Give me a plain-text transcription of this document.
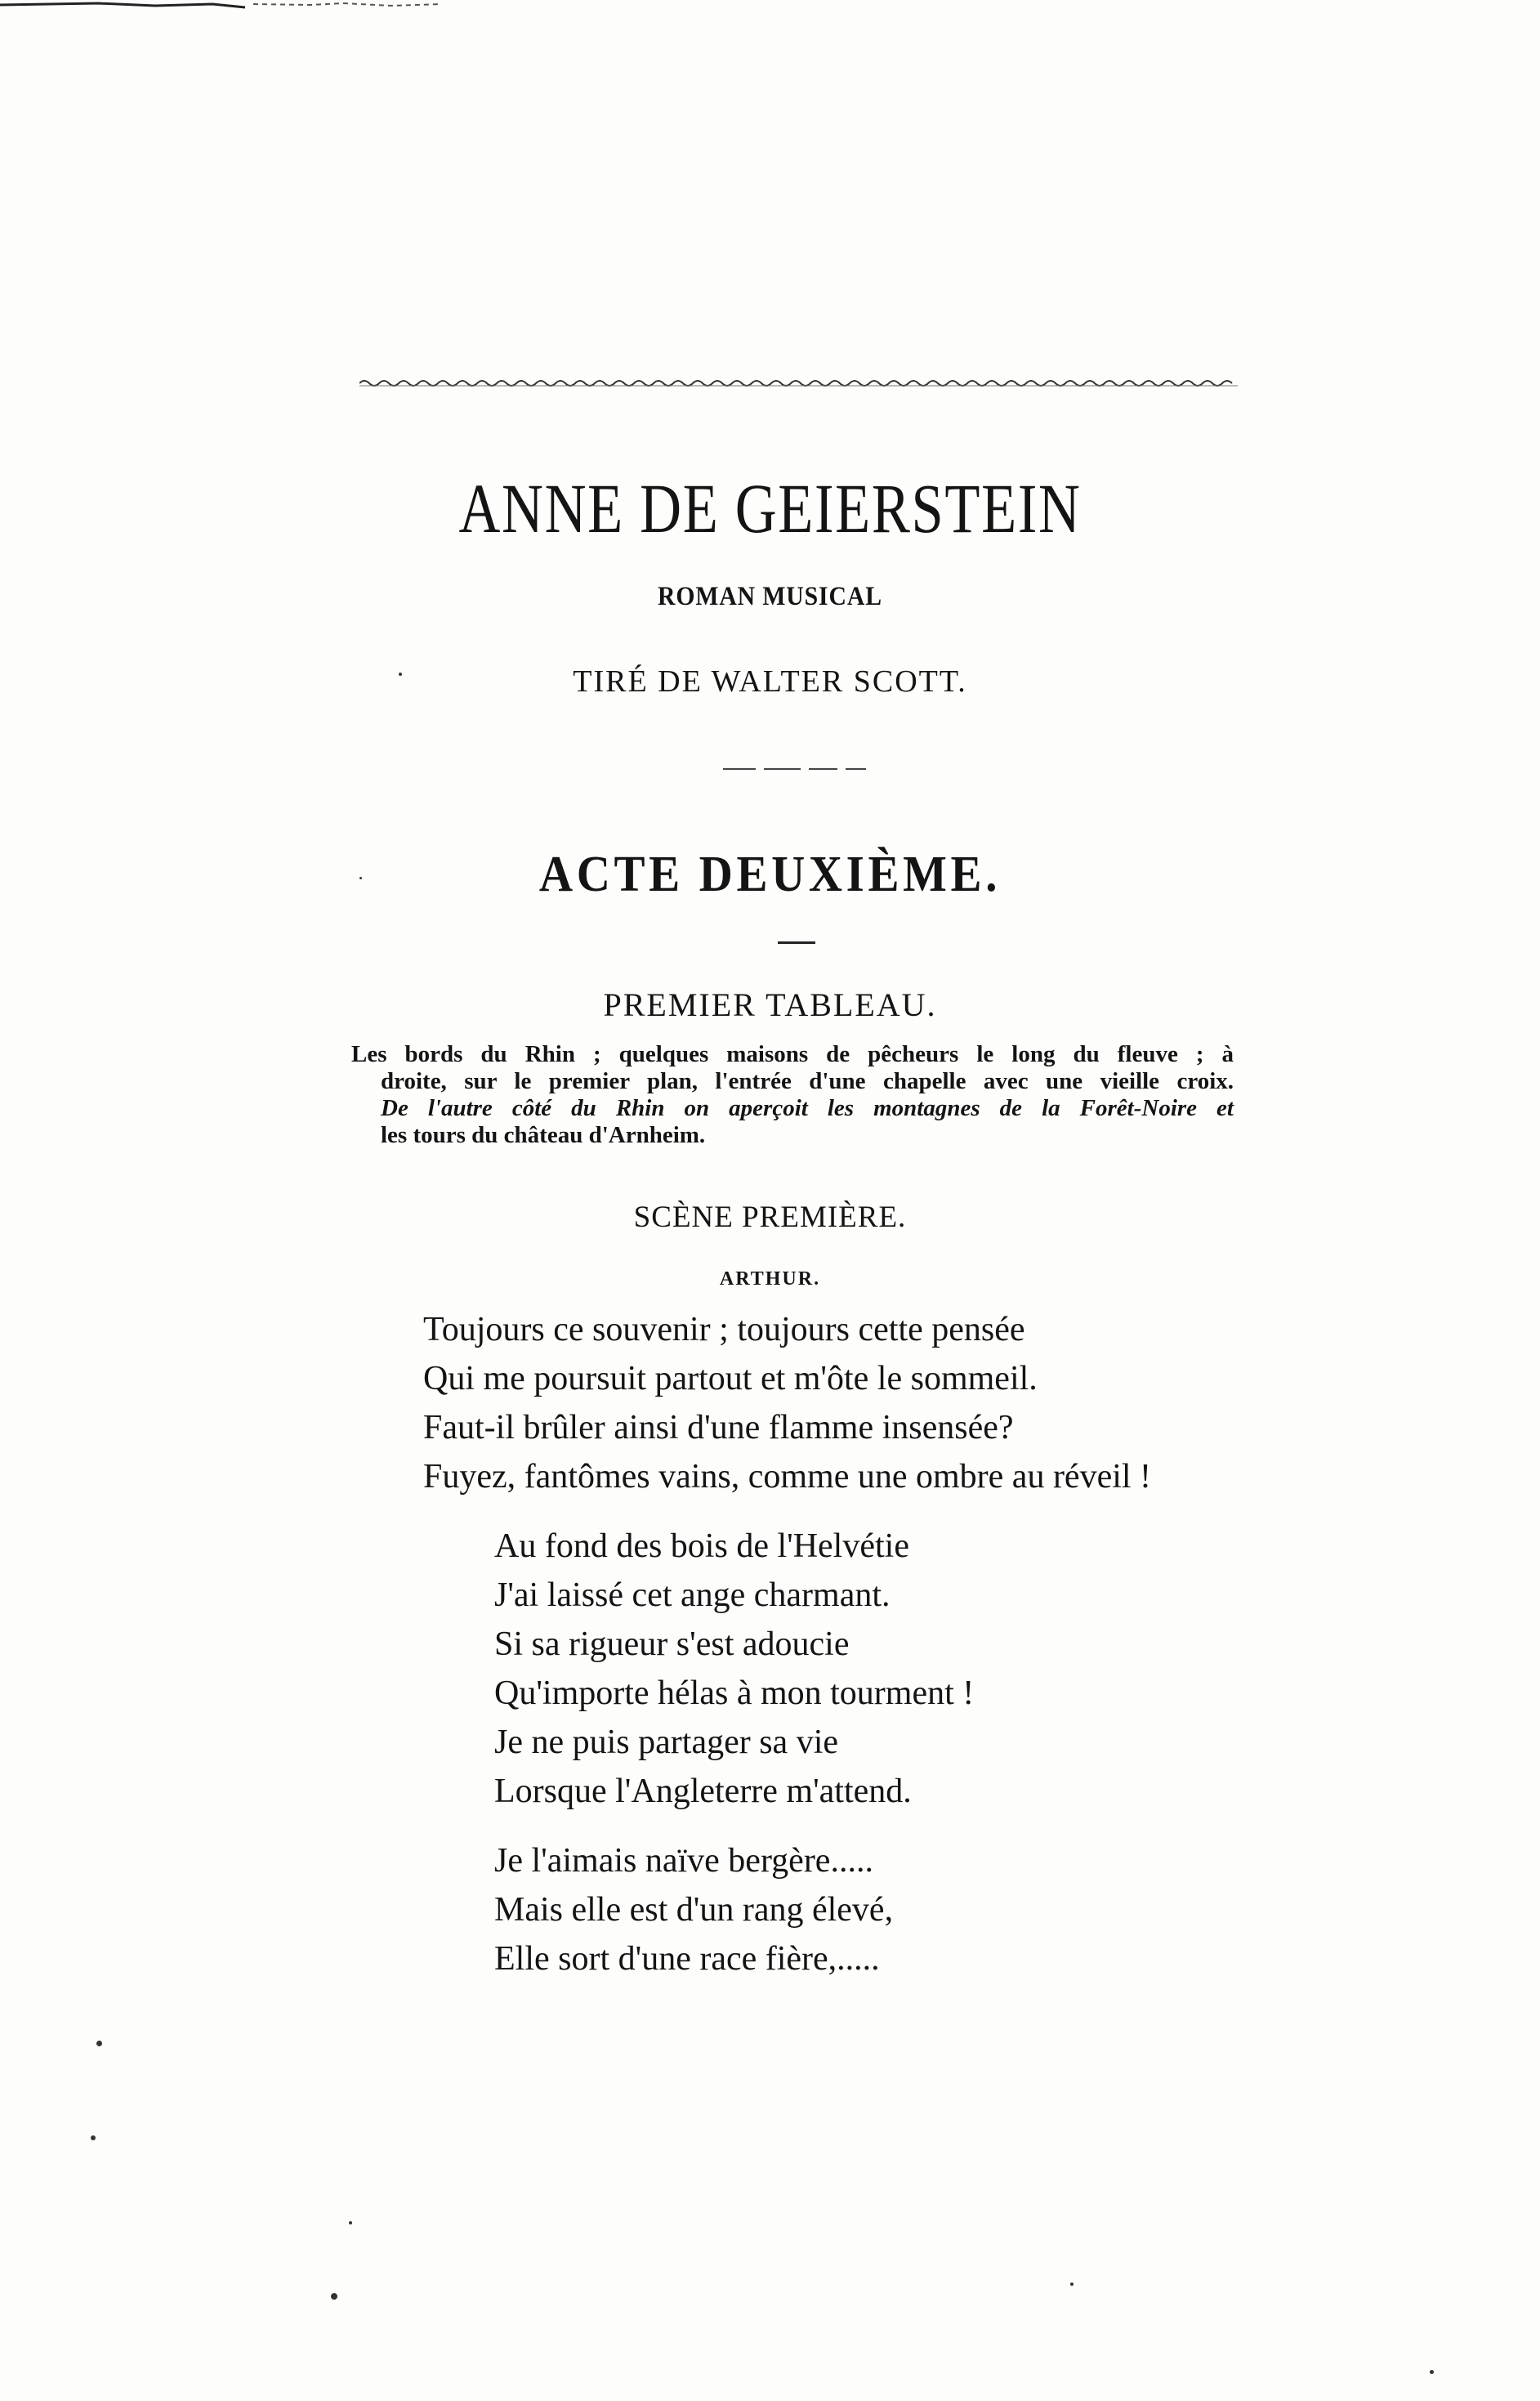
ANNE DE GEIERSTEIN
ROMAN MUSICAL
TIRÉ DE WALTER SCOTT.
ACTE DEUXIÈME.
PREMIER TABLEAU.
Les bords du Rhin ; quelques maisons de pêcheurs le long du fleuve ; à
droite, sur le premier plan, l'entrée d'une chapelle avec une vieille croix.
De l'autre côté du Rhin on aperçoit les montagnes de la Forêt-Noire et
les tours du château d'Arnheim.
SCÈNE PREMIÈRE.
ARTHUR.
Toujours ce souvenir ; toujours cette pensée
Qui me poursuit partout et m'ôte le sommeil.
Faut-il brûler ainsi d'une flamme insensée?
Fuyez, fantômes vains, comme une ombre au réveil !
Au fond des bois de l'Helvétie
J'ai laissé cet ange charmant.
Si sa rigueur s'est adoucie
Qu'importe hélas à mon tourment !
Je ne puis partager sa vie
Lorsque l'Angleterre m'attend.
Je l'aimais naïve bergère.....
Mais elle est d'un rang élevé,
Elle sort d'une race fière,.....
